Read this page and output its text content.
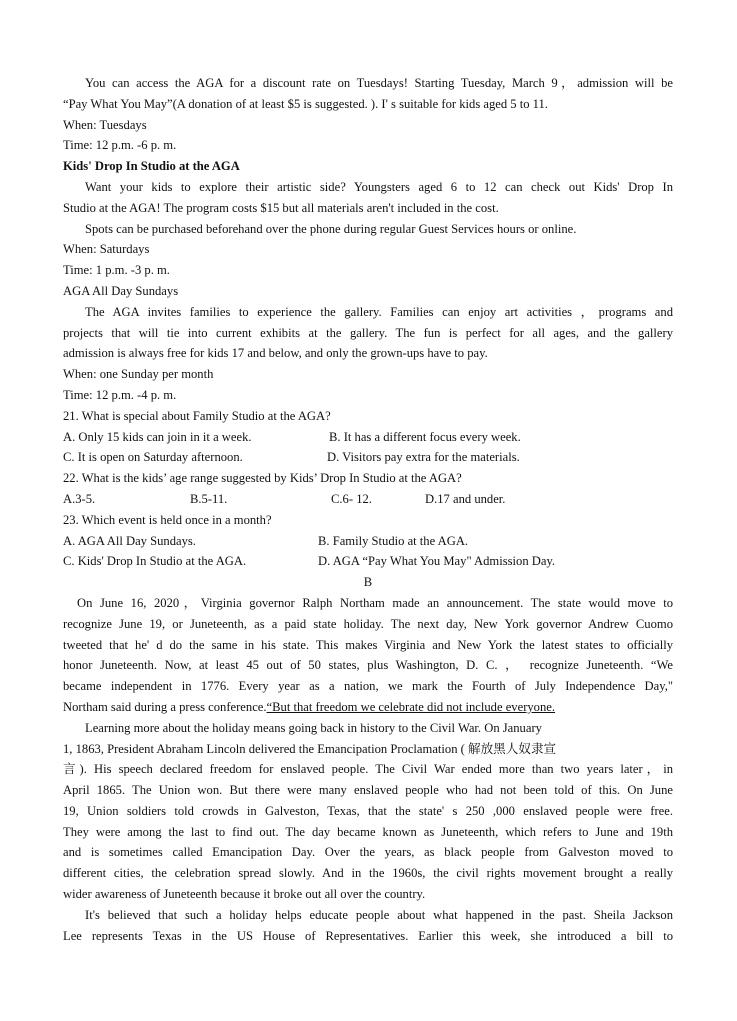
You can access the AGA for a discount rate on Tuesdays! Starting Tuesday, March 9，admission will be
“Pay What You May”(A donation of at least $5 is suggested. ). I' s suitable for kids aged 5 to 11.
When: Tuesdays
Time: 12 p.m. -6 p. m.
Kids' Drop In Studio at the AGA
Want your kids to explore their artistic side? Youngsters aged 6 to 12 can check out Kids' Drop In
Studio at the AGA! The program costs $15 but all materials aren't included in the cost.
Spots can be purchased beforehand over the phone during regular Guest Services hours or online.
When: Saturdays
Time: 1 p.m. -3 p. m.
AGA All Day Sundays
The AGA invites families to experience the gallery. Families can enjoy art activities ，programs and
projects that will tie into current exhibits at the gallery. The fun is perfect for all ages, and the gallery
admission is always free for kids 17 and below, and only the grown-ups have to pay.
When: one Sunday per month
Time: 12 p.m. -4 p. m.
21. What is special about Family Studio at the AGA?
A. Only 15 kids can join in it a week.	B. It has a different focus every week.
C. It is open on Saturday afternoon.	D. Visitors pay extra for the materials.
22. What is the kids’ age range suggested by Kids’ Drop In Studio at the AGA?
A.3-5.	B.5-11.	C.6- 12.	D.17 and under.
23. Which event is held once in a month?
A. AGA All Day Sundays.	B. Family Studio at the AGA.
C. Kids' Drop In Studio at the AGA.	D. AGA “Pay What You May" Admission Day.
B
On June 16, 2020，Virginia governor Ralph Northam made an announcement. The state would move to
recognize June 19, or Juneteenth, as a paid state holiday. The next day, New York governor Andrew Cuomo
tweeted that he' d do the same in his state. This makes Virginia and New York the latest states to officially
honor Juneteenth. Now, at least 45 out of 50 states, plus Washington, D. C. ， recognize Juneteenth. “We
became independent in 1776. Every year as a nation, we mark the Fourth of July Independence Day,"
Northam said during a press conference.“But that freedom we celebrate did not include everyone.
Learning more about the holiday means going back in history to the Civil War. On January
1, 1863, President Abraham Lincoln delivered the Emancipation Proclamation ( 解放黑人奴隶宣
言). His speech declared freedom for enslaved people. The Civil War ended more than two years later，in
April 1865. The Union won. But there were many enslaved people who had not been told of this. On June
19, Union soldiers told crowds in Galveston, Texas, that the state' s 250 ,000 enslaved people were free.
They were among the last to find out. The day became known as Juneteenth, which refers to June and 19th
and is sometimes called Emancipation Day. Over the years, as black people from Galveston moved to
different cities, the celebration spread slowly. And in the 1960s, the civil rights movement brought a really
wider awareness of Juneteenth because it broke out all over the country.
It's believed that such a holiday helps educate people about what happened in the past. Sheila Jackson
Lee represents Texas in the US House of Representatives. Earlier this week, she introduced a bill to
